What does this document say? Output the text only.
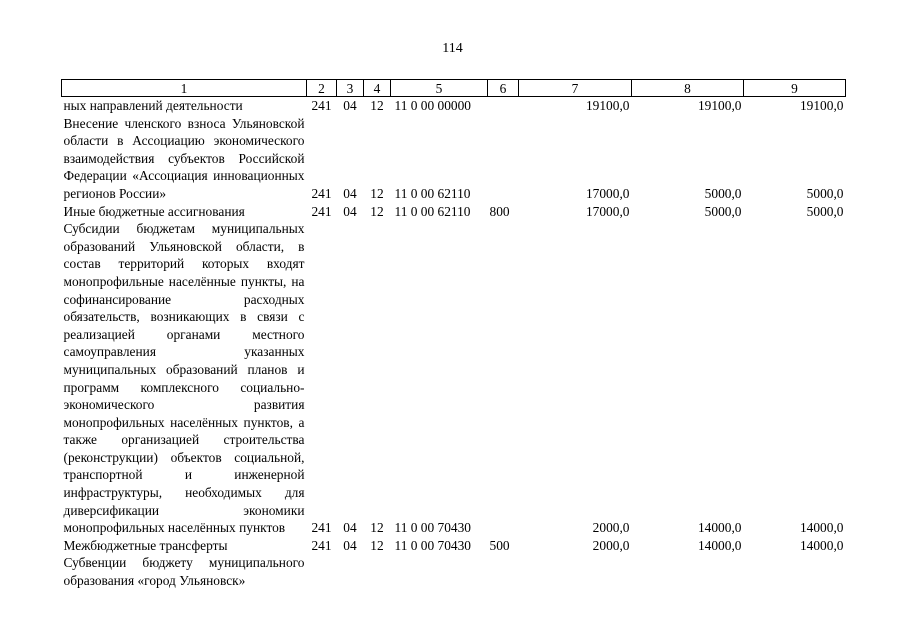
114
1	2	3	4	5	6	7	8	9
ных направлений деятельности	241	04	12	11 0 00 00000		19100,0	19100,0	19100,0
Внесение членского взноса Ульяновской области в Ассоциацию экономического взаимодействия субъектов Российской Федерации «Ассоциация инновационных регионов России»	241	04	12	11 0 00 62110		17000,0	5000,0	5000,0
Иные бюджетные ассигнования	241	04	12	11 0 00 62110	800	17000,0	5000,0	5000,0
Субсидии бюджетам муниципальных образований Ульяновской области, в состав территорий которых входят монопрофильные населённые пункты, на софинансирование расходных обязательств, возникающих в связи с реализацией органами местного самоуправления указанных муниципальных образований планов и программ комплексного социально-экономического развития монопрофильных населённых пунктов, а также организацией строительства (реконструкции) объектов социальной, транспортной и инженерной инфраструктуры, необходимых для диверсификации экономики монопрофильных населённых пунктов	241	04	12	11 0 00 70430		2000,0	14000,0	14000,0
Межбюджетные трансферты	241	04	12	11 0 00 70430	500	2000,0	14000,0	14000,0
Субвенции бюджету муниципального образования «город Ульяновск»								
